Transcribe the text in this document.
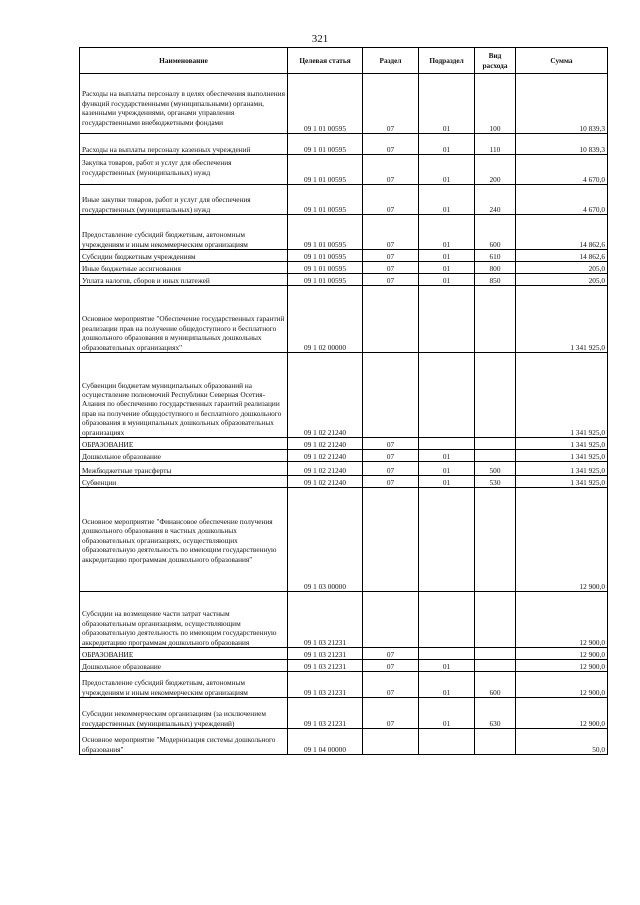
321
Наименование	Целевая статья	Раздел	Подраздел	Вид расхода	Сумма

Расходы на выплаты персоналу в целях обеспечения выполнения функций государственными (муниципальными) органами, казенными учреждениями, органами управления государственными внебюджетными фондами	09 1 01 00595	07	01	100	10 839,3

Расходы на выплаты персоналу казенных учреждений	09 1 01 00595	07	01	110	10 839,3

Закупка товаров, работ и услуг для обеспечения государственных (муниципальных) нужд	09 1 01 00595	07	01	200	4 670,0

Иные закупки товаров, работ и услуг для обеспечения государственных (муниципальных) нужд	09 1 01 00595	07	01	240	4 670,0

Предоставление субсидий бюджетным, автономным учреждениям и иным некоммерческим организациям	09 1 01 00595	07	01	600	14 862,6

Субсидии бюджетным учреждениям	09 1 01 00595	07	01	610	14 862,6

Иные бюджетные ассигнования	09 1 01 00595	07	01	800	205,0

Уплата налогов, сборов и иных платежей	09 1 01 00595	07	01	850	205,0

Основное мероприятие "Обеспечение государственных гарантий реализации прав на получение общедоступного и бесплатного дошкольного образования в муниципальных дошкольных образовательных организациях"	09 1 02 00000				1 341 925,0

Субвенции бюджетам муниципальных образований на осуществление полномочий Республики Северная Осетия-Алания по обеспечению государственных гарантий реализации прав на получение общедоступного и бесплатного дошкольного образования в муниципальных дошкольных образовательных организациях	09 1 02 21240				1 341 925,0

ОБРАЗОВАНИЕ	09 1 02 21240	07			1 341 925,0

Дошкольное образование	09 1 02 21240	07	01		1 341 925,0

Межбюджетные трансферты	09 1 02 21240	07	01	500	1 341 925,0

Субвенции	09 1 02 21240	07	01	530	1 341 925,0

Основное мероприятие "Финансовое обеспечение получения дошкольного образования в частных дошкольных образовательных организациях, осуществляющих образовательную деятельность по имеющим государственную аккредитацию программам дошкольного образования"	09 1 03 00000				12 900,0

Субсидии на возмещение части затрат частным образовательным организациям, осуществляющим образовательную деятельность по имеющим государственную аккредитацию программам дошкольного образования	09 1 03 21231				12 900,0

ОБРАЗОВАНИЕ	09 1 03 21231	07			12 900,0

Дошкольное образование	09 1 03 21231	07	01		12 900,0

Предоставление субсидий бюджетным, автономным учреждениям и иным некоммерческим организациям	09 1 03 21231	07	01	600	12 900,0

Субсидии некоммерческим организациям (за исключением государственных (муниципальных) учреждений)	09 1 03 21231	07	01	630	12 900,0

Основное мероприятие "Модернизация системы дошкольного образования"	09 1 04 00000				50,0
